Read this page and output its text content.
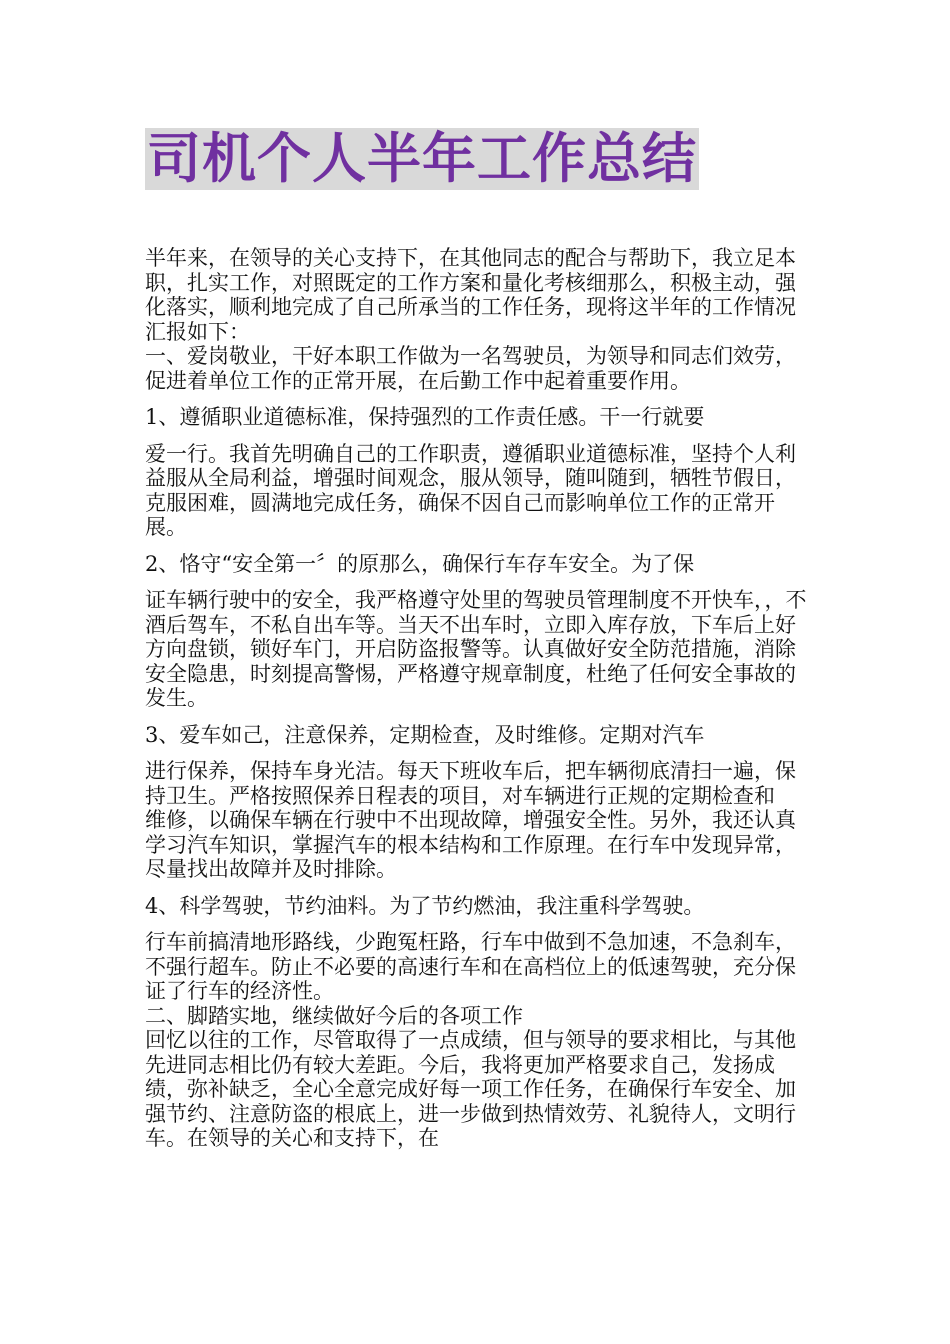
司机个人半年工作总结

半年来，在领导的关心支持下，在其他同志的配合与帮助下，我立足本职，扎实工作，对照既定的工作方案和量化考核细那么，积极主动，强化落实，顺利地完成了自己所承当的工作任务，现将这半年的工作情况汇报如下：

一、爱岗敬业，干好本职工作做为一名驾驶员，为领导和同志们效劳，促进着单位工作的正常开展，在后勤工作中起着重要作用。

1、遵循职业道德标准，保持强烈的工作责任感。干一行就要

爱一行。我首先明确自己的工作职责，遵循职业道德标准，坚持个人利益服从全局利益，增强时间观念，服从领导，随叫随到，牺牲节假日，克服困难，圆满地完成任务，确保不因自己而影响单位工作的正常开展。

2、恪守“安全第一〞的原那么，确保行车存车安全。为了保

证车辆行驶中的安全，我严格遵守处里的驾驶员管理制度不开快车，，不酒后驾车，不私自出车等。当天不出车时，立即入库存放，下车后上好方向盘锁，锁好车门，开启防盗报警等。认真做好安全防范措施，消除安全隐患，时刻提高警惕，严格遵守规章制度，杜绝了任何安全事故的发生。

3、爱车如己，注意保养，定期检查，及时维修。定期对汽车

进行保养，保持车身光洁。每天下班收车后，把车辆彻底清扫一遍，保持卫生。严格按照保养日程表的项目，对车辆进行正规的定期检查和

维修，以确保车辆在行驶中不出现故障，增强安全性。另外，我还认真学习汽车知识，掌握汽车的根本结构和工作原理。在行车中发现异常，尽量找出故障并及时排除。

4、科学驾驶，节约油料。为了节约燃油，我注重科学驾驶。

行车前搞清地形路线，少跑冤枉路，行车中做到不急加速，不急刹车，不强行超车。防止不必要的高速行车和在高档位上的低速驾驶，充分保证了行车的经济性。

二、脚踏实地，继续做好今后的各项工作

回忆以往的工作，尽管取得了一点成绩，但与领导的要求相比，与其他先进同志相比仍有较大差距。今后，我将更加严格要求自己，发扬成绩，弥补缺乏，全心全意完成好每一项工作任务，在确保行车安全、加强节约、注意防盗的根底上，进一步做到热情效劳、礼貌待人，文明行车。在领导的关心和支持下，在
